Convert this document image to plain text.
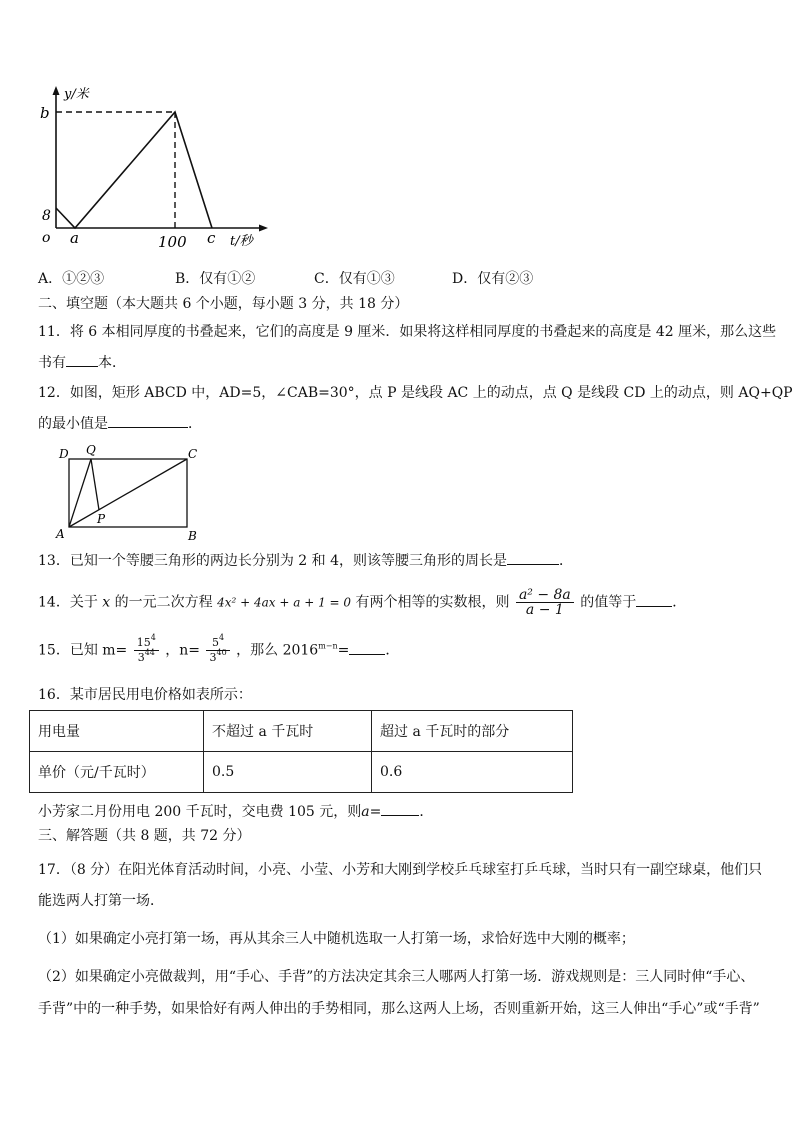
y/米
b
8
o a	100 c t/秒
A．①②③	B．仅有①②	C．仅有①③	D．仅有②③
二、填空题（本大题共 6 个小题，每小题 3 分，共 18 分）
11．将 6 本相同厚度的书叠起来，它们的高度是 9 厘米．如果将这样相同厚度的书叠起来的高度是 42 厘米，那么这些
书有 本．
12．如图，矩形 ABCD 中，AD=5，∠CAB=30°，点 P 是线段 AC 上的动点，点 Q 是线段 CD 上的动点，则 AQ+QP
的最小值是	．
D Q	C
P
A	B
13．已知一个等腰三角形的两边长分别为 2 和 4，则该等腰三角形的周长是	．
14．关于 x 的一元二次方程 4x² + 4ax + a + 1 = 0 有两个相等的实数根，则 $\frac{\text{a² − 8a}}{a - 1}$ 的值等于	．
15．已知 $m= \frac{15^4}{3^{44}}$ ，$n= \frac{5^4}{3^{40}}$ ，那么 $2016^{m-n}=$	．
16．某市居民用电价格如表所示：
用电量	不超过 a 千瓦时	超过 a 千瓦时的部分
单价（元/千瓦时）	0.5	0.6
小芳家二月份用电 200 千瓦时，交电费 105 元，则a=	．
三、解答题（共 8 题，共 72 分）
17．（8 分）在阳光体育活动时间，小亮、小莹、小芳和大刚到学校乒乓球室打乒乓球，当时只有一副空球桌，他们只
能选两人打第一场．
（1）如果确定小亮打第一场，再从其余三人中随机选取一人打第一场，求恰好选中大刚的概率；
（2）如果确定小亮做裁判，用“手心、手背”的方法决定其余三人哪两人打第一场．游戏规则是：三人同时伸“手心、
手背”中的一种手势，如果恰好有两人伸出的手势相同，那么这两人上场，否则重新开始，这三人伸出“手心”或“手背”
